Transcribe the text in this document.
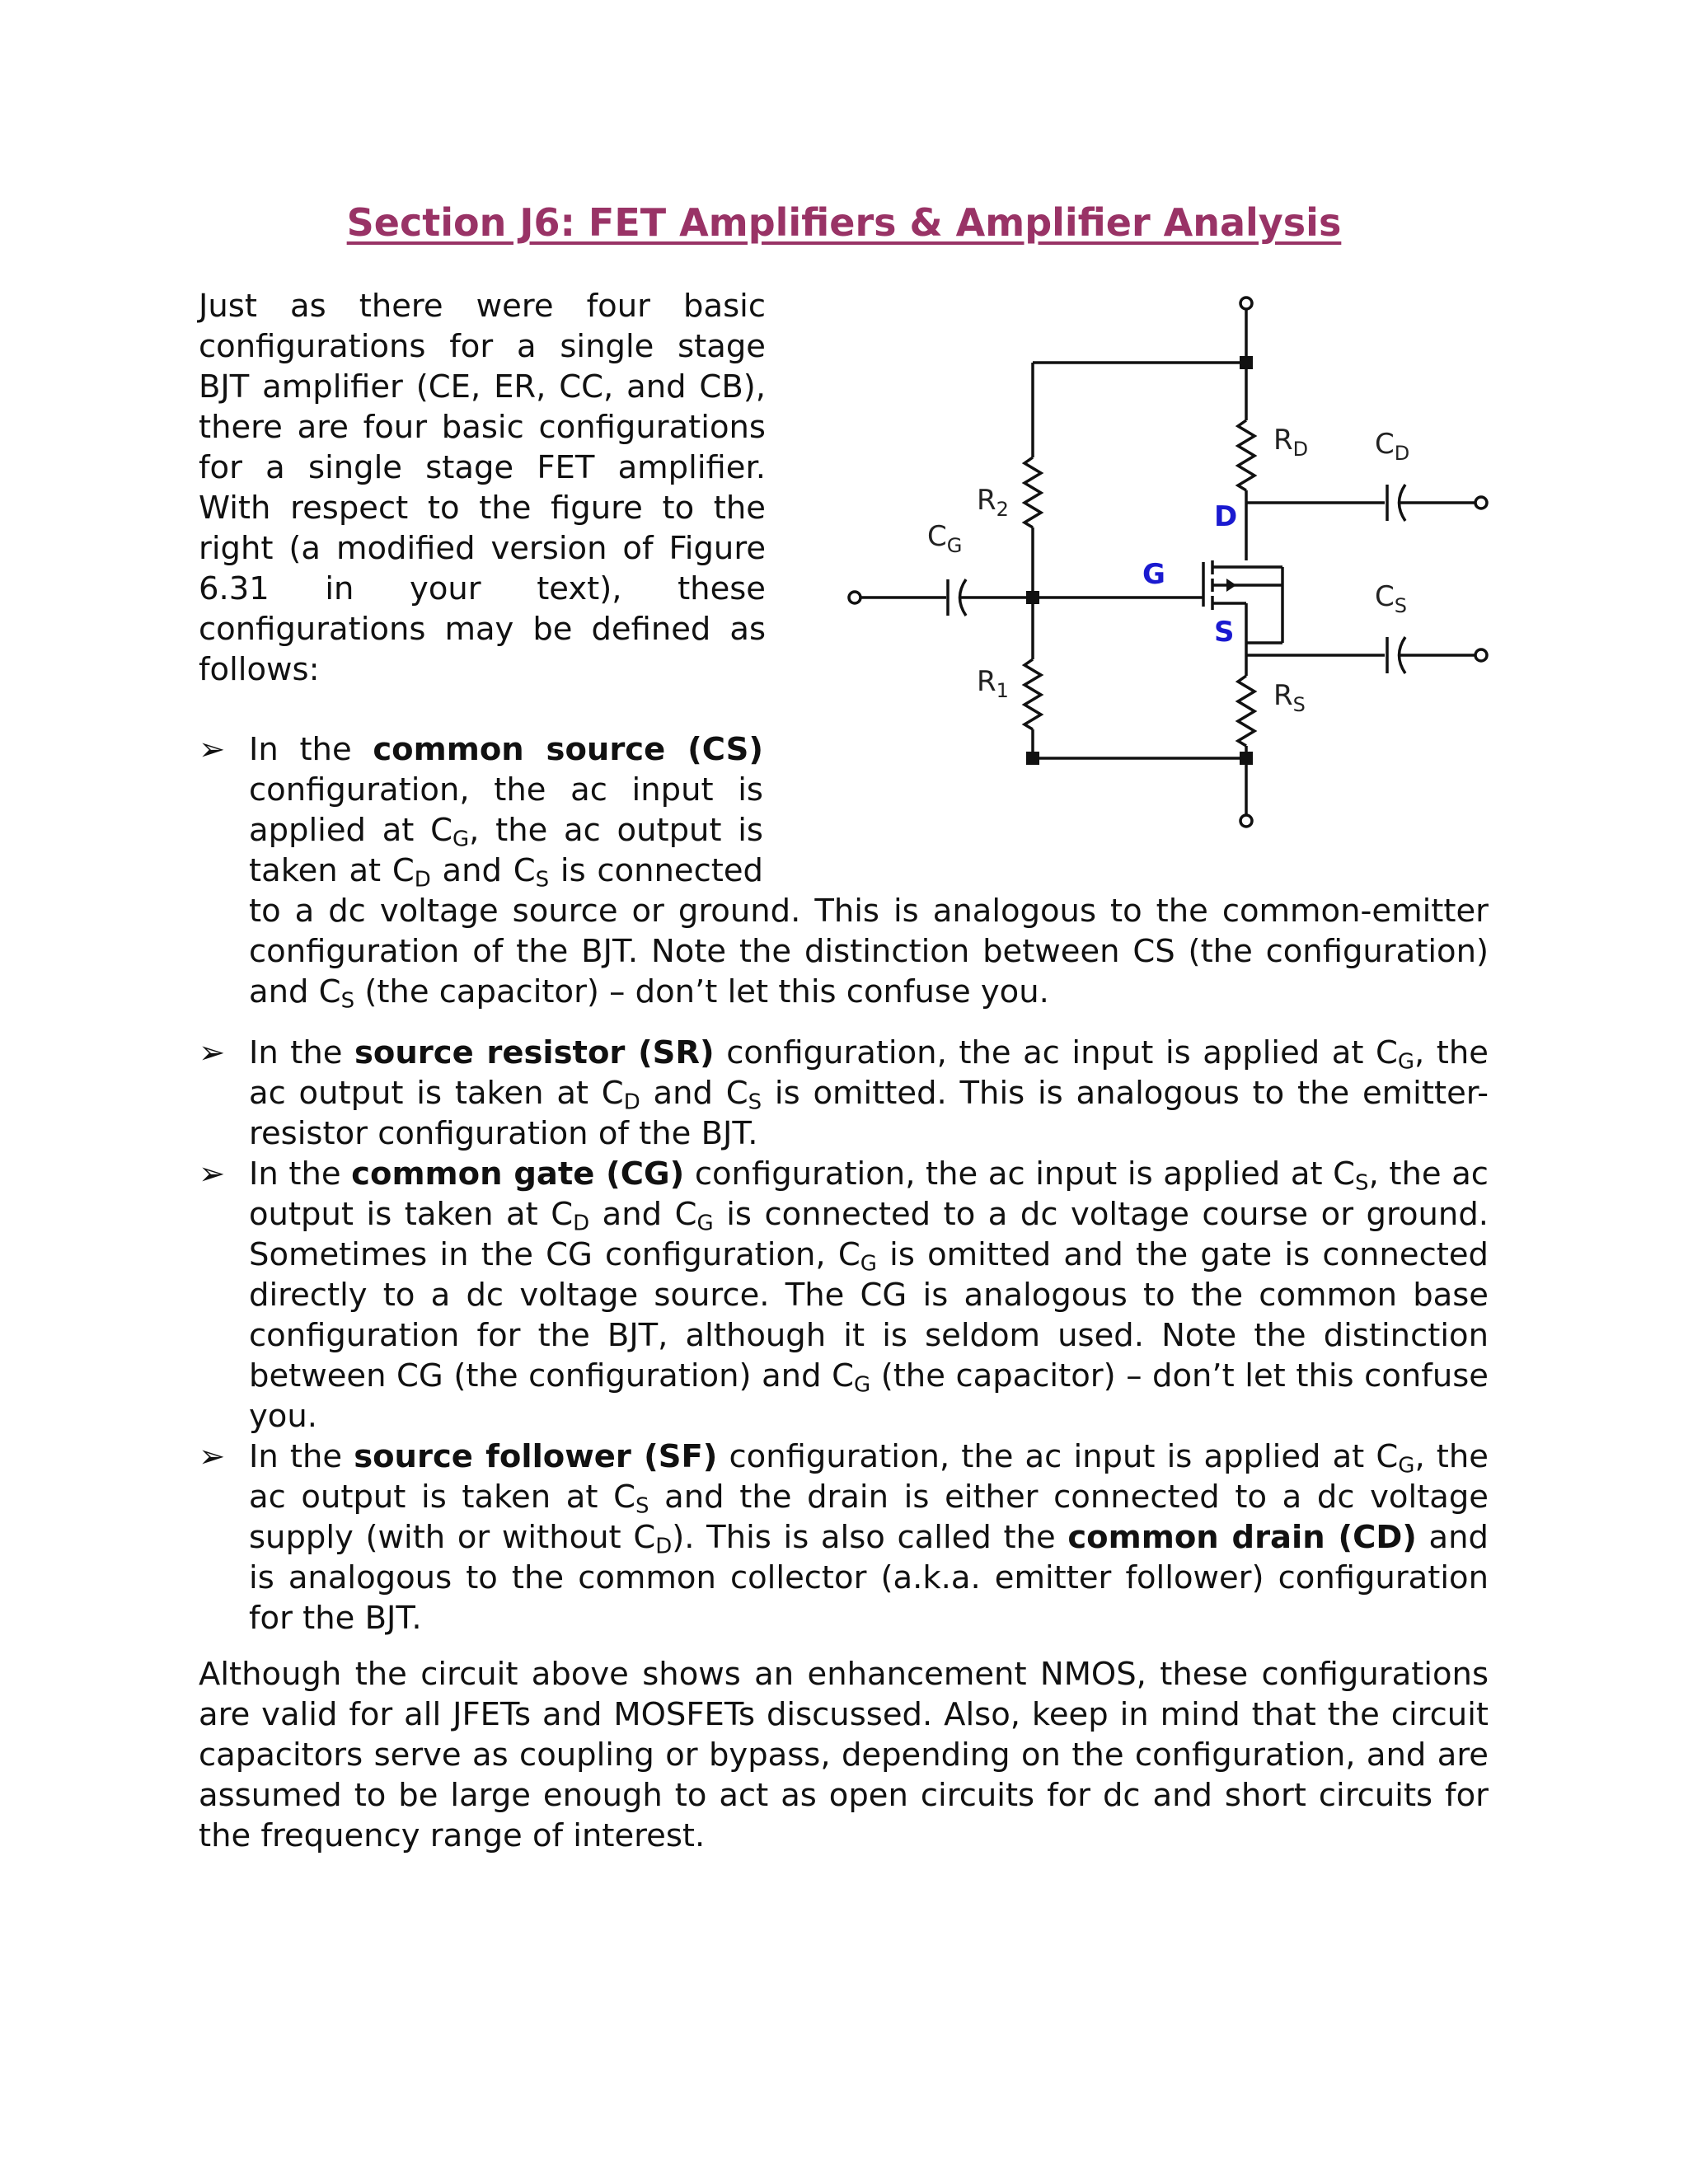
Section J6: FET Amplifiers & Amplifier Analysis

Just as there were four basic configurations for a single stage BJT amplifier (CE, ER, CC, and CB), there are four basic configurations for a single stage FET amplifier. With respect to the figure to the right (a modified version of Figure 6.31 in your text), these configurations may be defined as follows:

$R_2$
$R_1$
$R_D$
$R_S$
$C_G$
$C_D$
$C_S$
D
G
S
➢ In the common source (CS) configuration, the ac input is applied at $C_G$, the ac output is taken at $C_D$ and $C_S$ is connected to a dc voltage source or ground. This is analogous to the common-emitter configuration of the BJT. Note the distinction between CS (the configuration) and $C_S$ (the capacitor) – don’t let this confuse you.
➢ In the source resistor (SR) configuration, the ac input is applied at $C_G$, the ac output is taken at $C_D$ and $C_S$ is omitted. This is analogous to the emitter-resistor configuration of the BJT.
➢ In the common gate (CG) configuration, the ac input is applied at $C_S$, the ac output is taken at $C_D$ and $C_G$ is connected to a dc voltage course or ground. Sometimes in the CG configuration, $C_G$ is omitted and the gate is connected directly to a dc voltage source. The CG is analogous to the common base configuration for the BJT, although it is seldom used. Note the distinction between CG (the configuration) and $C_G$ (the capacitor) – don’t let this confuse you.
➢ In the source follower (SF) configuration, the ac input is applied at $C_G$, the ac output is taken at $C_S$ and the drain is either connected to a dc voltage supply (with or without $C_D$). This is also called the common drain (CD) and is analogous to the common collector (a.k.a. emitter follower) configuration for the BJT.

Although the circuit above shows an enhancement NMOS, these configurations are valid for all JFETs and MOSFETs discussed. Also, keep in mind that the circuit capacitors serve as coupling or bypass, depending on the configuration, and are assumed to be large enough to act as open circuits for dc and short circuits for the frequency range of interest.
